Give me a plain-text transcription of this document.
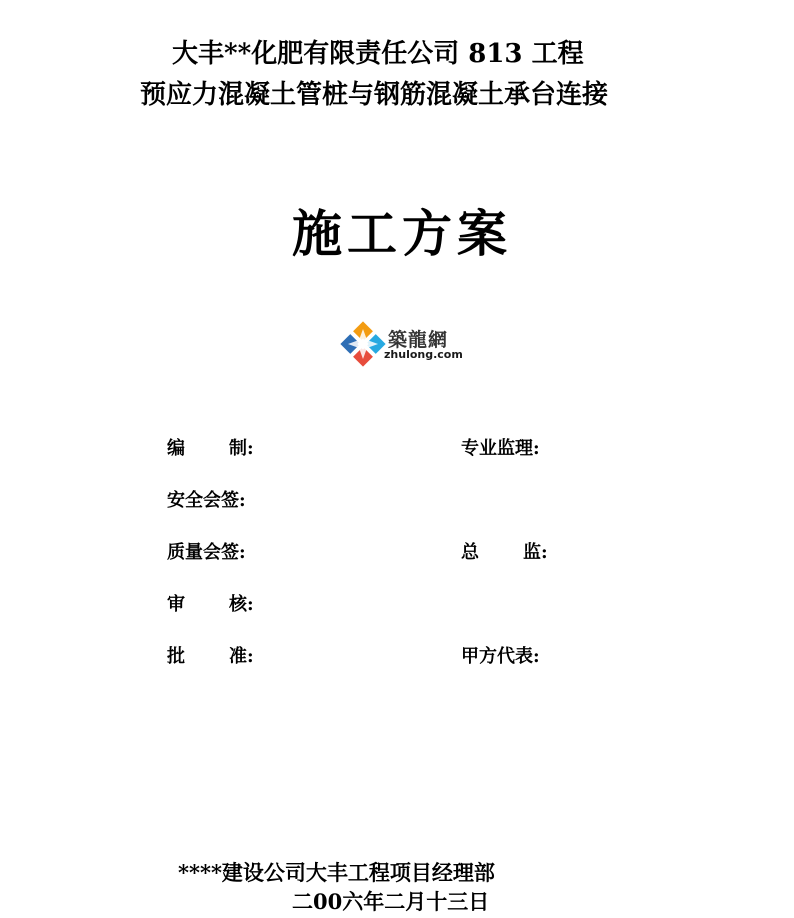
大丰**化肥有限责任公司 813 工程
预应力混凝土管桩与钢筋混凝土承台连接
施工方案
築龍網
zhulong.com
编 制:
安全会签:
质量会签:
审 核:
批 准:
专业监理:
总 监:
甲方代表:
****建设公司大丰工程项目经理部
二00六年二月十三日
